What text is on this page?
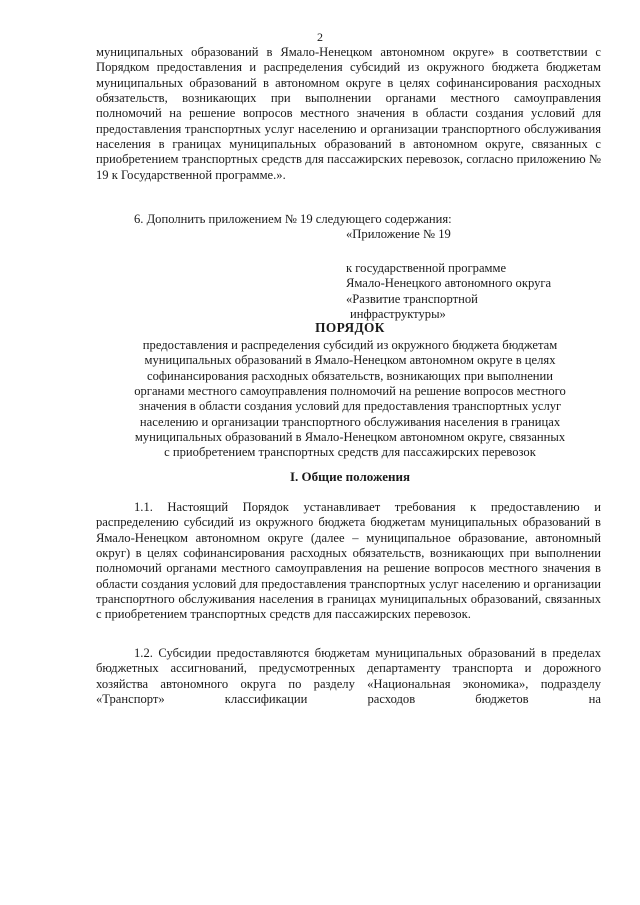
2

муниципальных образований в Ямало-Ненецком автономном округе» в соответствии с Порядком предоставления и распределения субсидий из окружного бюджета бюджетам муниципальных образований в автономном округе в целях софинансирования расходных обязательств, возникающих при выполнении органами местного самоуправления полномочий на решение вопросов местного значения в области создания условий для предоставления транспортных услуг населению и организации транспортного обслуживания населения в границах муниципальных образований в автономном округе, связанных с приобретением транспортных средств для пассажирских перевозок, согласно приложению № 19 к Государственной программе.».

6. Дополнить приложением № 19 следующего содержания:

«Приложение № 19

к государственной программе

Ямало-Ненецкого автономного округа

«Развитие транспортной

инфраструктуры»

ПОРЯДОК

предоставления и распределения субсидий из окружного бюджета бюджетам

муниципальных образований в Ямало-Ненецком автономном округе в целях

софинансирования расходных обязательств, возникающих при выполнении

органами местного самоуправления полномочий на решение вопросов местного

значения в области создания условий для предоставления транспортных услуг

населению и организации транспортного обслуживания населения в границах

муниципальных образований в Ямало-Ненецком автономном округе, связанных

с приобретением транспортных средств для пассажирских перевозок

I. Общие положения

1.1. Настоящий Порядок устанавливает требования к предоставлению и распределению субсидий из окружного бюджета бюджетам муниципальных образований в Ямало-Ненецком автономном округе (далее – муниципальное образование, автономный округ) в целях софинансирования расходных обязательств, возникающих при выполнении полномочий органами местного самоуправления на решение вопросов местного значения в области создания условий для предоставления транспортных услуг населению и организации транспортного обслуживания населения в границах муниципальных образований, связанных с приобретением транспортных средств для пассажирских перевозок.

1.2. Субсидии предоставляются бюджетам муниципальных образований в пределах бюджетных ассигнований, предусмотренных департаменту транспорта и дорожного хозяйства автономного округа по разделу «Национальная экономика», подразделу «Транспорт» классификации расходов бюджетов на
